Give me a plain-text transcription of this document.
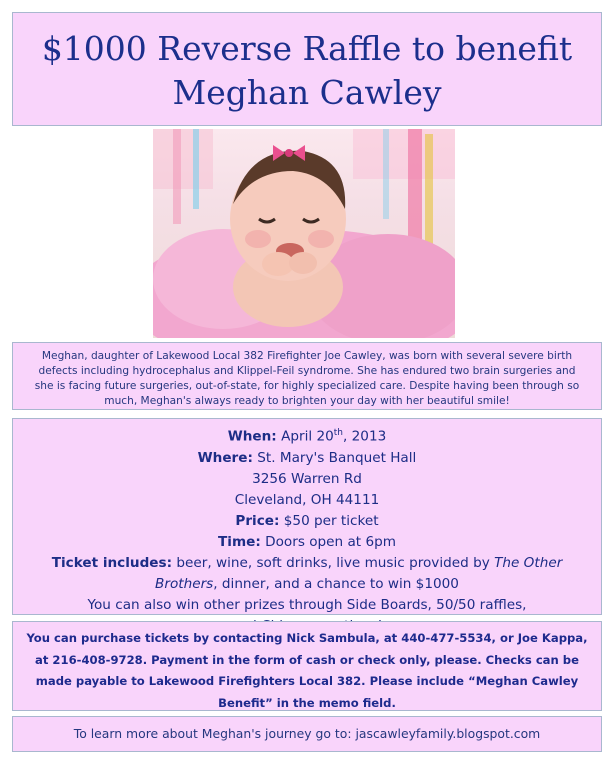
$1000 Reverse Raffle to benefit
Meghan Cawley

Meghan, daughter of Lakewood Local 382 Firefighter Joe Cawley, was born with several severe birth defects including hydrocephalus and Klippel-Feil syndrome. She has endured two brain surgeries and she is facing future surgeries, out-of-state, for highly specialized care. Despite having been through so much, Meghan's always ready to brighten your day with her beautiful smile!

When: April 20th, 2013
Where: St. Mary's Banquet Hall
3256 Warren Rd
Cleveland, OH 44111
Price: $50 per ticket
Time: Doors open at 6pm
Ticket includes: beer, wine, soft drinks, live music provided by The Other Brothers, dinner, and a chance to win $1000
You can also win other prizes through Side Boards, 50/50 raffles,
You can purchase tickets by contacting Nick Sambula, at 440-477-5534, or Joe Kappa, at 216-408-9728. Payment in the form of cash or check only, please. Checks can be made payable to Lakewood Firefighters Local 382. Please include “Meghan Cawley Benefit” in the memo field.
To learn more about Meghan's journey go to: jascawleyfamily.blogspot.com
